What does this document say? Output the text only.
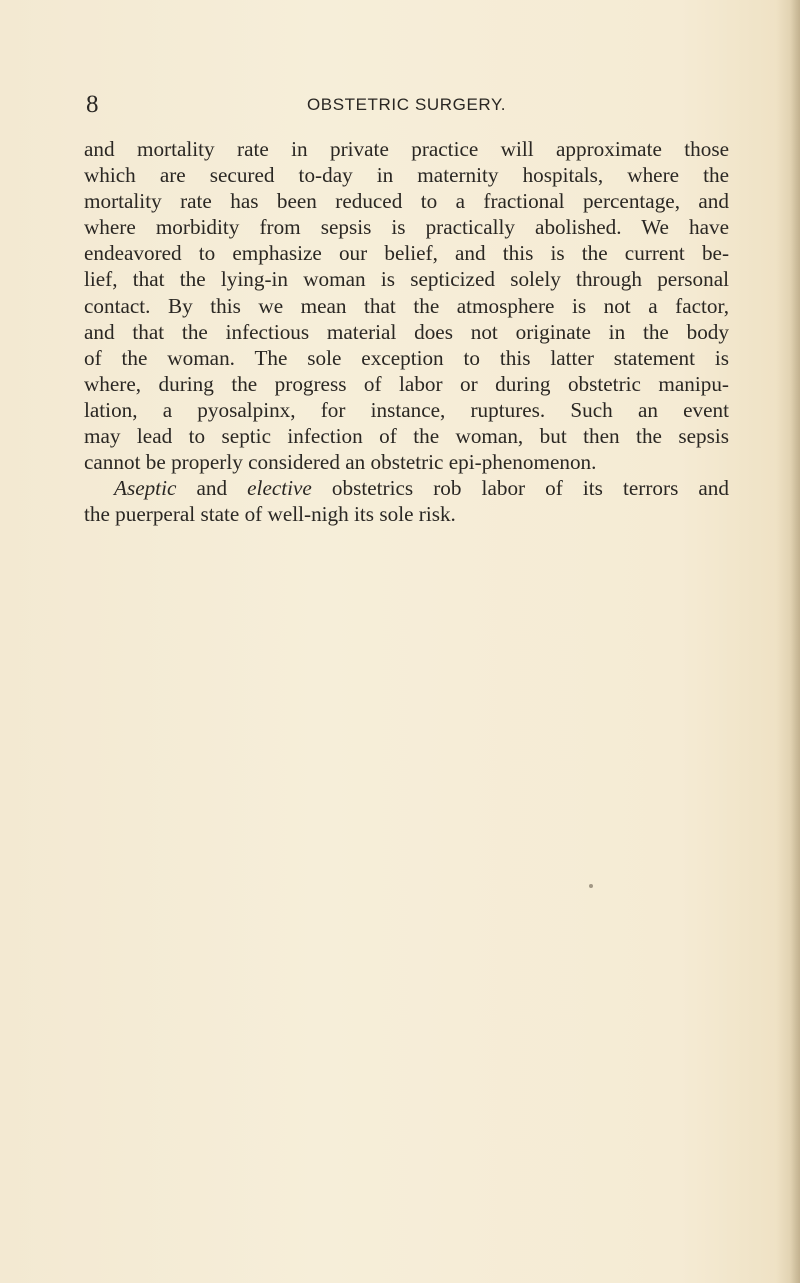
8	OBSTETRIC SURGERY.
and mortality rate in private practice will approximate those
which are secured to-day in maternity hospitals, where the
mortality rate has been reduced to a fractional percentage, and
where morbidity from sepsis is practically abolished. We have
endeavored to emphasize our belief, and this is the current be-
lief, that the lying-in woman is septicized solely through personal
contact. By this we mean that the atmosphere is not a factor,
and that the infectious material does not originate in the body
of the woman. The sole exception to this latter statement is
where, during the progress of labor or during obstetric manipu-
lation, a pyosalpinx, for instance, ruptures. Such an event
may lead to septic infection of the woman, but then the sepsis
cannot be properly considered an obstetric epi-phenomenon.
Aseptic and elective obstetrics rob labor of its terrors and
the puerperal state of well-nigh its sole risk.
